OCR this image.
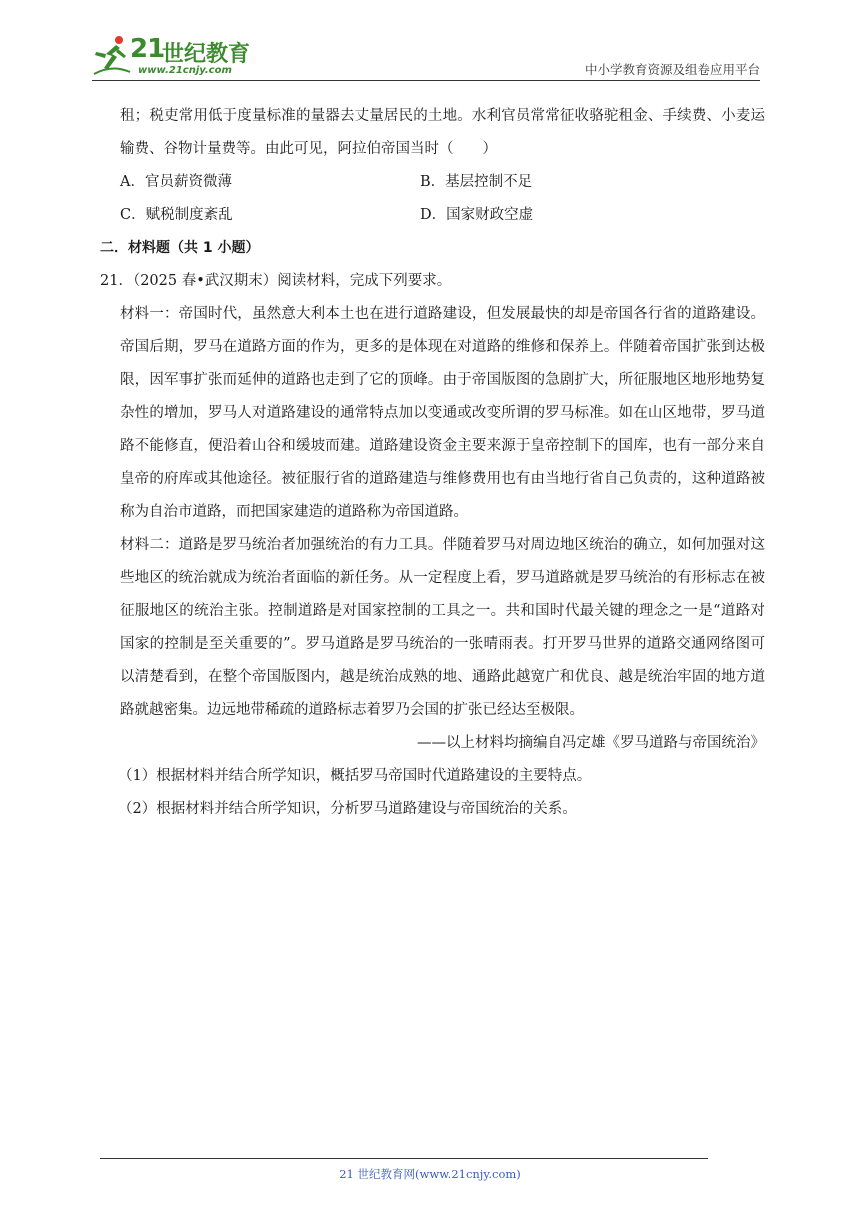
21
世纪教育
www.21cnjy.com	中小学教育资源及组卷应用平台

租；税吏常用低于度量标准的量器去丈量居民的土地。水利官员常常征收骆驼租金、手续费、小麦运输费、谷物计量费等。由此可见，阿拉伯帝国当时（　　）

A．官员薪资微薄	B．基层控制不足
C．赋税制度紊乱	D．国家财政空虚

二．材料题（共 1 小题）

21．（2025 春•武汉期末）阅读材料，完成下列要求。

材料一：帝国时代，虽然意大利本土也在进行道路建设，但发展最快的却是帝国各行省的道路建设。帝国后期，罗马在道路方面的作为，更多的是体现在对道路的维修和保养上。伴随着帝国扩张到达极限，因军事扩张而延伸的道路也走到了它的顶峰。由于帝国版图的急剧扩大，所征服地区地形地势复杂性的增加，罗马人对道路建设的通常特点加以变通或改变所谓的罗马标准。如在山区地带，罗马道路不能修直，便沿着山谷和缓坡而建。道路建设资金主要来源于皇帝控制下的国库，也有一部分来自皇帝的府库或其他途径。被征服行省的道路建造与维修费用也有由当地行省自己负责的，这种道路被称为自治市道路，而把国家建造的道路称为帝国道路。

材料二：道路是罗马统治者加强统治的有力工具。伴随着罗马对周边地区统治的确立，如何加强对这些地区的统治就成为统治者面临的新任务。从一定程度上看，罗马道路就是罗马统治的有形标志在被征服地区的统治主张。控制道路是对国家控制的工具之一。共和国时代最关键的理念之一是“道路对国家的控制是至关重要的”。罗马道路是罗马统治的一张晴雨表。打开罗马世界的道路交通网络图可以清楚看到，在整个帝国版图内，越是统治成熟的地、通路此越宽广和优良、越是统治牢固的地方道路就越密集。边远地带稀疏的道路标志着罗乃会国的扩张已经达至极限。

——以上材料均摘编自冯定雄《罗马道路与帝国统治》

（1）根据材料并结合所学知识，概括罗马帝国时代道路建设的主要特点。

（2）根据材料并结合所学知识，分析罗马道路建设与帝国统治的关系。

21 世纪教育网(www.21cnjy.com)
